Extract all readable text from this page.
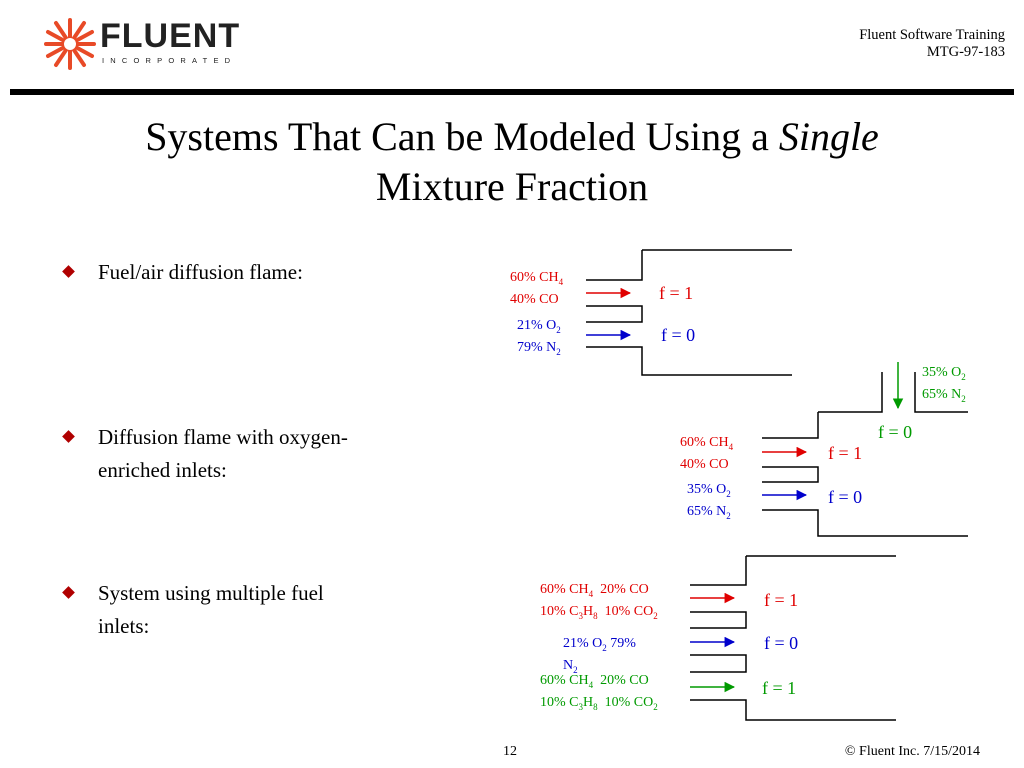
FLUENT
INCORPORATED
Fluent Software Training
MTG-97-183
Systems That Can be Modeled Using a Single
Mixture Fraction
Fuel/air diffusion flame:
Diffusion flame with oxygen-
enriched inlets:
System using multiple fuel
inlets:
60% $CH_4$
40% CO
21% $O_2$
79% $N_2$
f = 1
f = 0
35% $O_2$
65% $N_2$
f = 0
60% $CH_4$
40% CO
f = 1
35% $O_2$
65% $N_2$
f = 0
60% $CH_4$  20% CO
10% $C_3H_8$  10% $CO_2$
f = 1
21% $O_2$ 79%
$N_2$
f = 0
60% $CH_4$  20% CO
10% $C_3H_8$  10% $CO_2$
f = 1
12	© Fluent Inc. 7/15/2014
